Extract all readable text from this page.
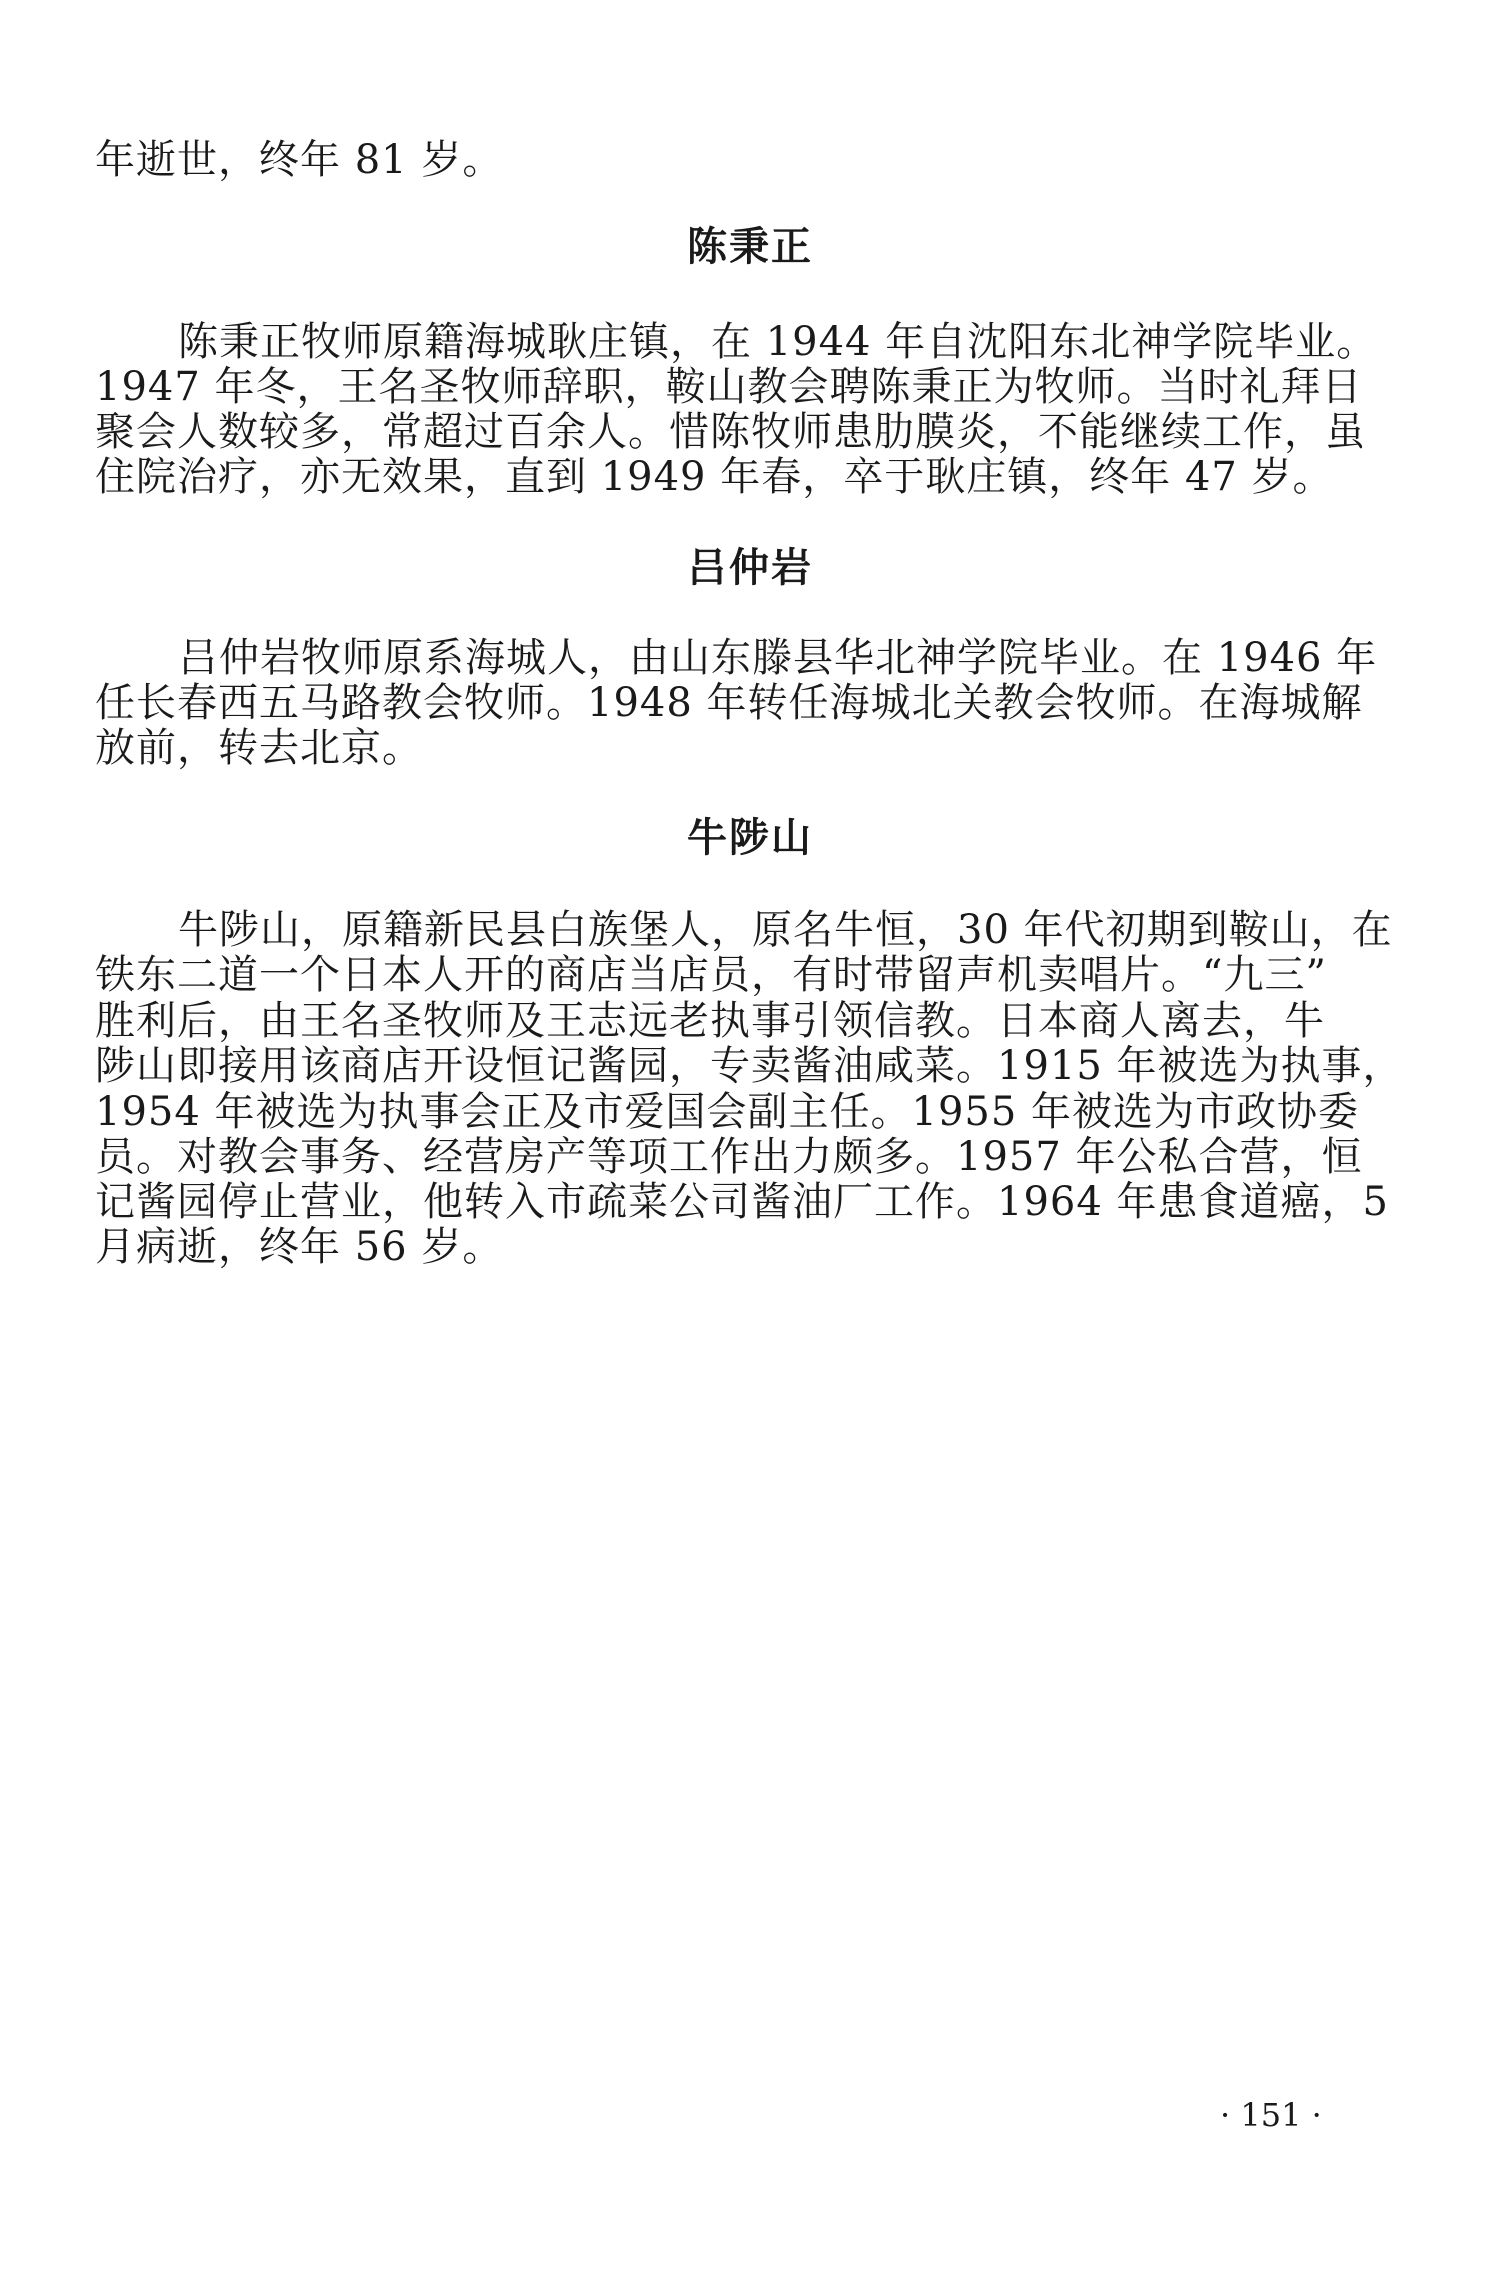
年逝世，终年 81 岁。
陈秉正
陈秉正牧师原籍海城耿庄镇，在 1944 年自沈阳东北神学院毕业。
1947 年冬，王名圣牧师辞职，鞍山教会聘陈秉正为牧师。当时礼拜日
聚会人数较多，常超过百余人。惜陈牧师患肋膜炎，不能继续工作，虽
住院治疗，亦无效果，直到 1949 年春，卒于耿庄镇，终年 47 岁。
吕仲岩
吕仲岩牧师原系海城人，由山东滕县华北神学院毕业。在 1946 年
任长春西五马路教会牧师。1948 年转任海城北关教会牧师。在海城解
放前，转去北京。
牛陟山
牛陟山，原籍新民县白族堡人，原名牛恒，30 年代初期到鞍山，在
铁东二道一个日本人开的商店当店员，有时带留声机卖唱片。“九三”
胜利后，由王名圣牧师及王志远老执事引领信教。日本商人离去，牛
陟山即接用该商店开设恒记酱园，专卖酱油咸菜。1915 年被选为执事，
1954 年被选为执事会正及市爱国会副主任。1955 年被选为市政协委
员。对教会事务、经营房产等项工作出力颇多。1957 年公私合营，恒
记酱园停止营业，他转入市疏菜公司酱油厂工作。1964 年患食道癌，5
月病逝，终年 56 岁。
· 151 ·
